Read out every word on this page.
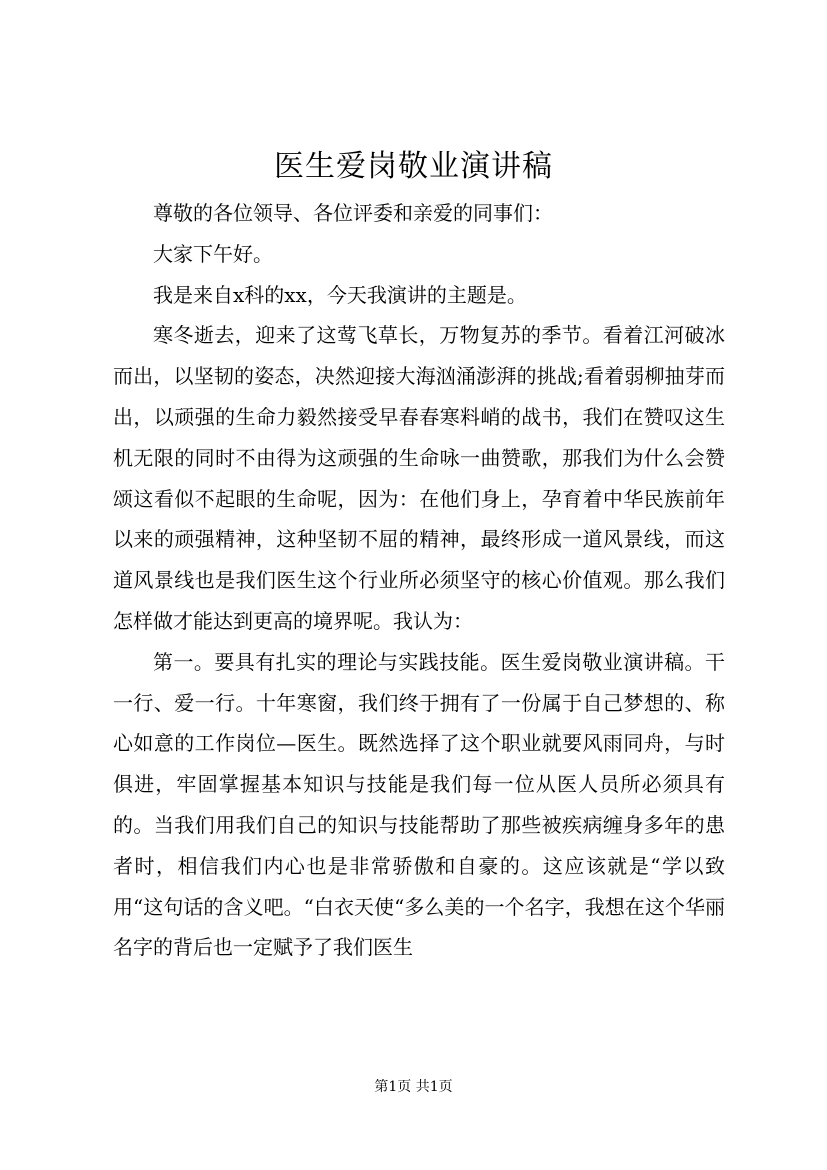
医生爱岗敬业演讲稿

尊敬的各位领导、各位评委和亲爱的同事们：

大家下午好。

我是来自x科的xx，今天我演讲的主题是。

寒冬逝去，迎来了这莺飞草长，万物复苏的季节。看着江河破冰而出，以坚韧的姿态，决然迎接大海汹涌澎湃的挑战;看着弱柳抽芽而出，以顽强的生命力毅然接受早春春寒料峭的战书，我们在赞叹这生机无限的同时不由得为这顽强的生命咏一曲赞歌，那我们为什么会赞颂这看似不起眼的生命呢，因为：在他们身上，孕育着中华民族前年以来的顽强精神，这种坚韧不屈的精神，最终形成一道风景线，而这道风景线也是我们医生这个行业所必须坚守的核心价值观。那么我们怎样做才能达到更高的境界呢。我认为：

第一。要具有扎实的理论与实践技能。医生爱岗敬业演讲稿。干一行、爱一行。十年寒窗，我们终于拥有了一份属于自己梦想的、称心如意的工作岗位—医生。既然选择了这个职业就要风雨同舟，与时俱进，牢固掌握基本知识与技能是我们每一位从医人员所必须具有的。当我们用我们自己的知识与技能帮助了那些被疾病缠身多年的患者时，相信我们内心也是非常骄傲和自豪的。这应该就是“学以致用“这句话的含义吧。“白衣天使“多么美的一个名字，我想在这个华丽名字的背后也一定赋予了我们医生

第1页 共1页
